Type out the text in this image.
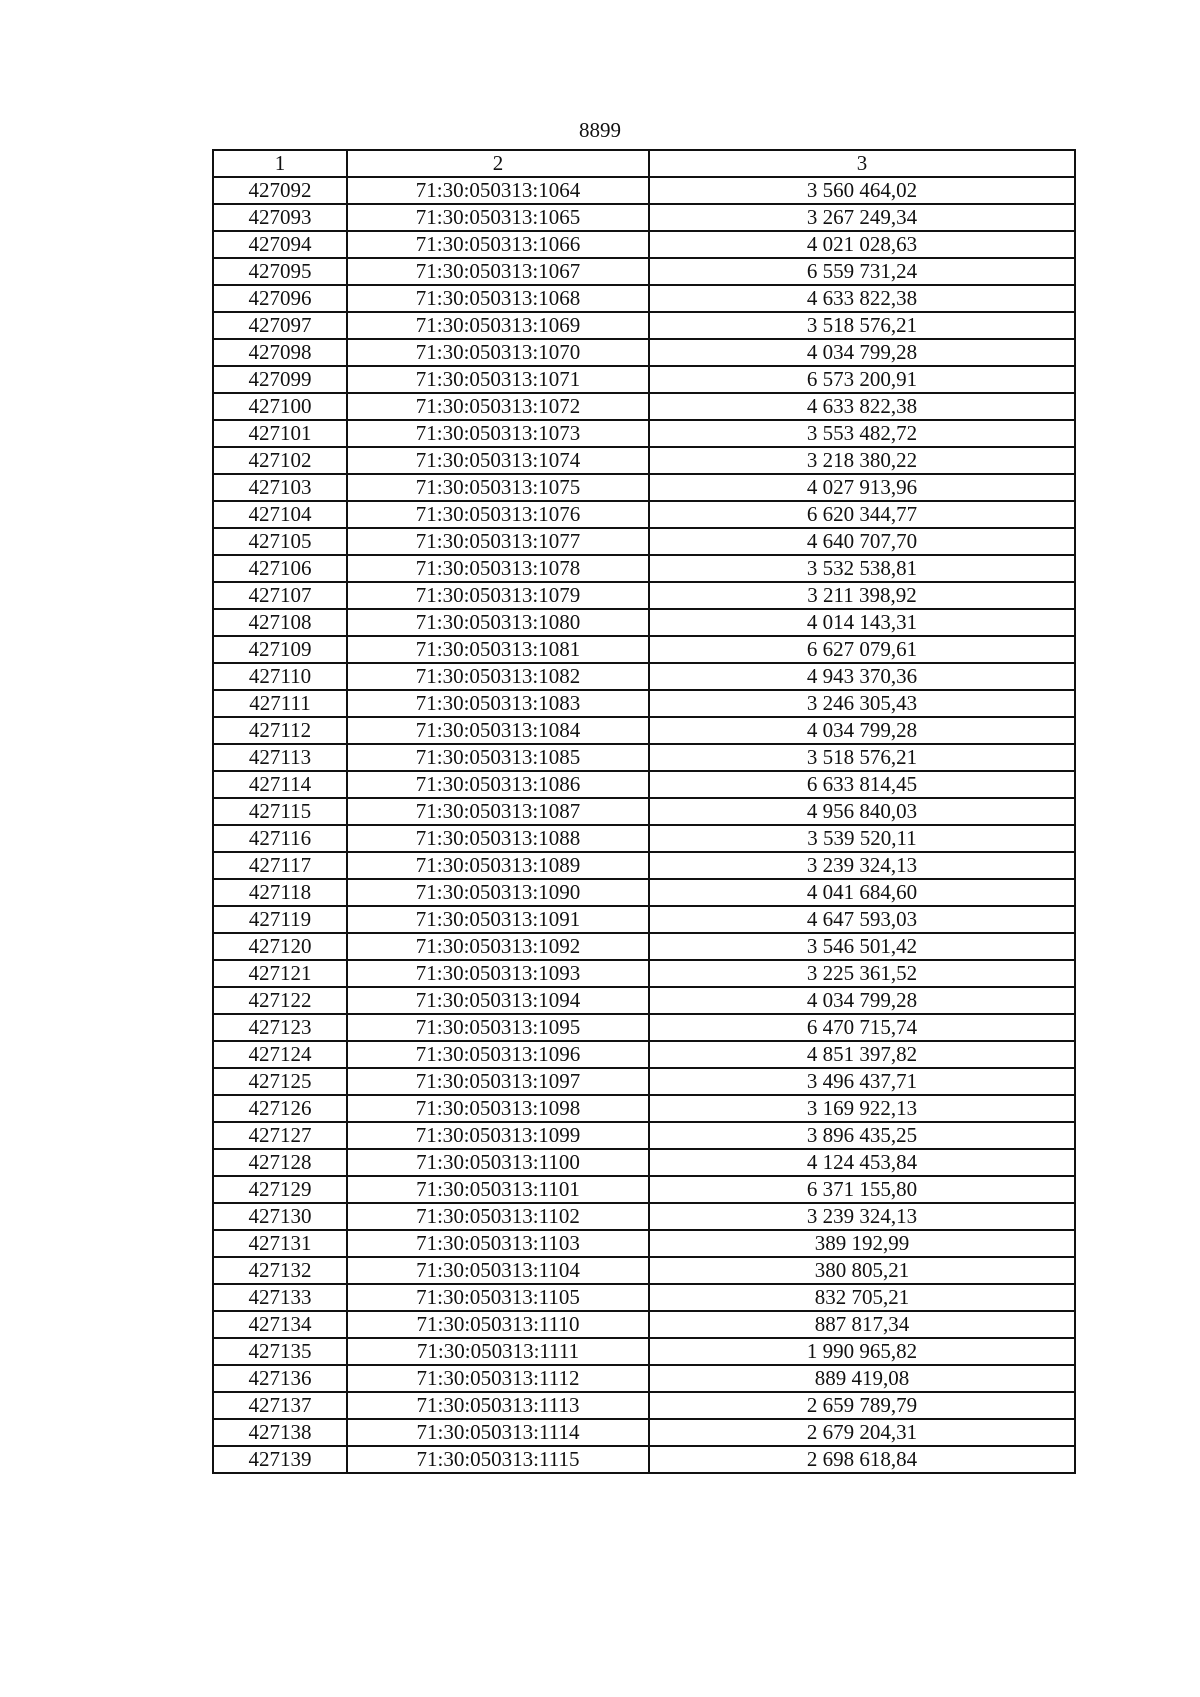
8899
1	2	3
427092	71:30:050313:1064	3 560 464,02
427093	71:30:050313:1065	3 267 249,34
427094	71:30:050313:1066	4 021 028,63
427095	71:30:050313:1067	6 559 731,24
427096	71:30:050313:1068	4 633 822,38
427097	71:30:050313:1069	3 518 576,21
427098	71:30:050313:1070	4 034 799,28
427099	71:30:050313:1071	6 573 200,91
427100	71:30:050313:1072	4 633 822,38
427101	71:30:050313:1073	3 553 482,72
427102	71:30:050313:1074	3 218 380,22
427103	71:30:050313:1075	4 027 913,96
427104	71:30:050313:1076	6 620 344,77
427105	71:30:050313:1077	4 640 707,70
427106	71:30:050313:1078	3 532 538,81
427107	71:30:050313:1079	3 211 398,92
427108	71:30:050313:1080	4 014 143,31
427109	71:30:050313:1081	6 627 079,61
427110	71:30:050313:1082	4 943 370,36
427111	71:30:050313:1083	3 246 305,43
427112	71:30:050313:1084	4 034 799,28
427113	71:30:050313:1085	3 518 576,21
427114	71:30:050313:1086	6 633 814,45
427115	71:30:050313:1087	4 956 840,03
427116	71:30:050313:1088	3 539 520,11
427117	71:30:050313:1089	3 239 324,13
427118	71:30:050313:1090	4 041 684,60
427119	71:30:050313:1091	4 647 593,03
427120	71:30:050313:1092	3 546 501,42
427121	71:30:050313:1093	3 225 361,52
427122	71:30:050313:1094	4 034 799,28
427123	71:30:050313:1095	6 470 715,74
427124	71:30:050313:1096	4 851 397,82
427125	71:30:050313:1097	3 496 437,71
427126	71:30:050313:1098	3 169 922,13
427127	71:30:050313:1099	3 896 435,25
427128	71:30:050313:1100	4 124 453,84
427129	71:30:050313:1101	6 371 155,80
427130	71:30:050313:1102	3 239 324,13
427131	71:30:050313:1103	389 192,99
427132	71:30:050313:1104	380 805,21
427133	71:30:050313:1105	832 705,21
427134	71:30:050313:1110	887 817,34
427135	71:30:050313:1111	1 990 965,82
427136	71:30:050313:1112	889 419,08
427137	71:30:050313:1113	2 659 789,79
427138	71:30:050313:1114	2 679 204,31
427139	71:30:050313:1115	2 698 618,84
